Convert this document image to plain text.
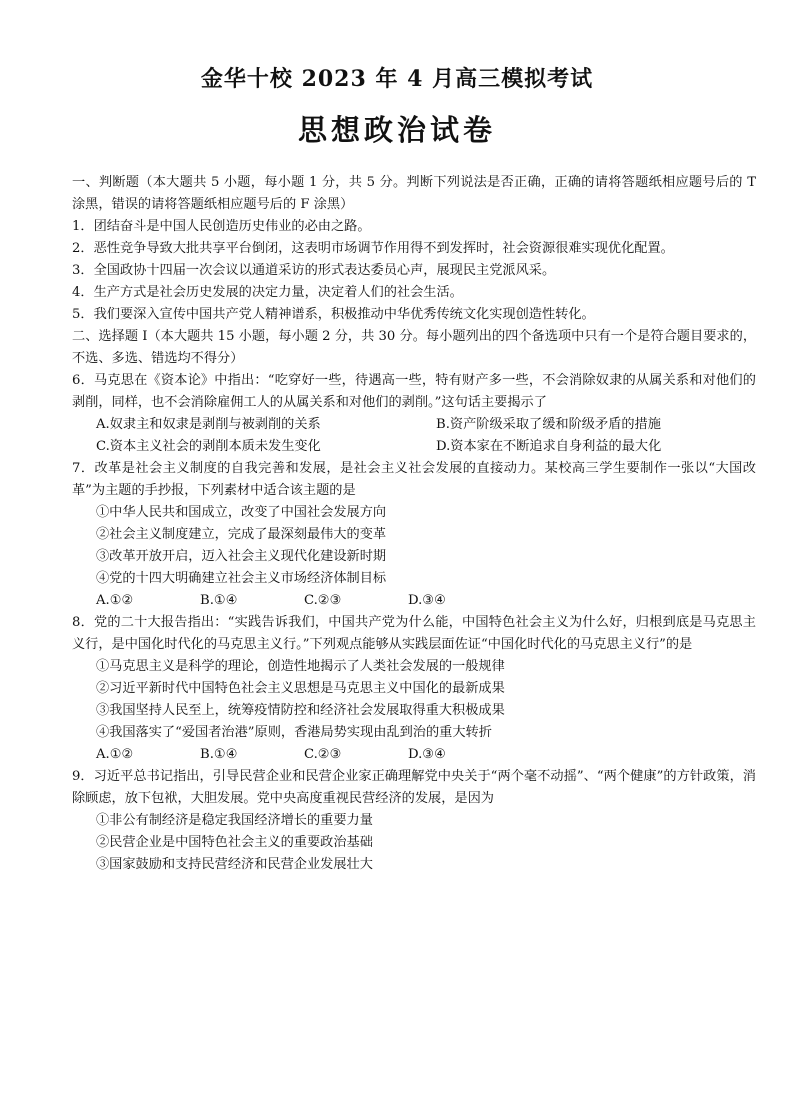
金华十校 2023 年 4 月高三模拟考试
思想政治试卷

一、判断题（本大题共 5 小题，每小题 1 分，共 5 分。判断下列说法是否正确，正确的请将答题纸相应题号后的 T 涂黑，错误的请将答题纸相应题号后的 F 涂黑）

1．团结奋斗是中国人民创造历史伟业的必由之路。

2．恶性竞争导致大批共享平台倒闭，这表明市场调节作用得不到发挥时，社会资源很难实现优化配置。

3．全国政协十四届一次会议以通道采访的形式表达委员心声，展现民主党派风采。

4．生产方式是社会历史发展的决定力量，决定着人们的社会生活。

5．我们要深入宣传中国共产党人精神谱系，积极推动中华优秀传统文化实现创造性转化。

二、选择题 I（本大题共 15 小题，每小题 2 分，共 30 分。每小题列出的四个备选项中只有一个是符合题目要求的，不选、多选、错选均不得分）

6．马克思在《资本论》中指出：“吃穿好一些，待遇高一些，特有财产多一些，不会消除奴隶的从属关系和对他们的剥削，同样，也不会消除雇佣工人的从属关系和对他们的剥削。”这句话主要揭示了

A.奴隶主和奴隶是剥削与被剥削的关系	B.资产阶级采取了缓和阶级矛盾的措施
C.资本主义社会的剥削本质未发生变化	D.资本家在不断追求自身利益的最大化

7．改革是社会主义制度的自我完善和发展，是社会主义社会发展的直接动力。某校高三学生要制作一张以“大国改革”为主题的手抄报，下列素材中适合该主题的是

①中华人民共和国成立，改变了中国社会发展方向

②社会主义制度建立，完成了最深刻最伟大的变革

③改革开放开启，迈入社会主义现代化建设新时期

④党的十四大明确建立社会主义市场经济体制目标

A.①②	B.①④	C.②③	D.③④

8．党的二十大报告指出：“实践告诉我们，中国共产党为什么能，中国特色社会主义为什么好，归根到底是马克思主义行，是中国化时代化的马克思主义行。”下列观点能够从实践层面佐证“中国化时代化的马克思主义行”的是

①马克思主义是科学的理论，创造性地揭示了人类社会发展的一般规律

②习近平新时代中国特色社会主义思想是马克思主义中国化的最新成果

③我国坚持人民至上，统筹疫情防控和经济社会发展取得重大积极成果

④我国落实了“爱国者治港”原则，香港局势实现由乱到治的重大转折

A.①②	B.①④	C.②③	D.③④

9．习近平总书记指出，引导民营企业和民营企业家正确理解党中央关于“两个毫不动摇”、“两个健康”的方针政策，消除顾虑，放下包袱，大胆发展。党中央高度重视民营经济的发展，是因为

①非公有制经济是稳定我国经济增长的重要力量

②民营企业是中国特色社会主义的重要政治基础

③国家鼓励和支持民营经济和民营企业发展壮大
